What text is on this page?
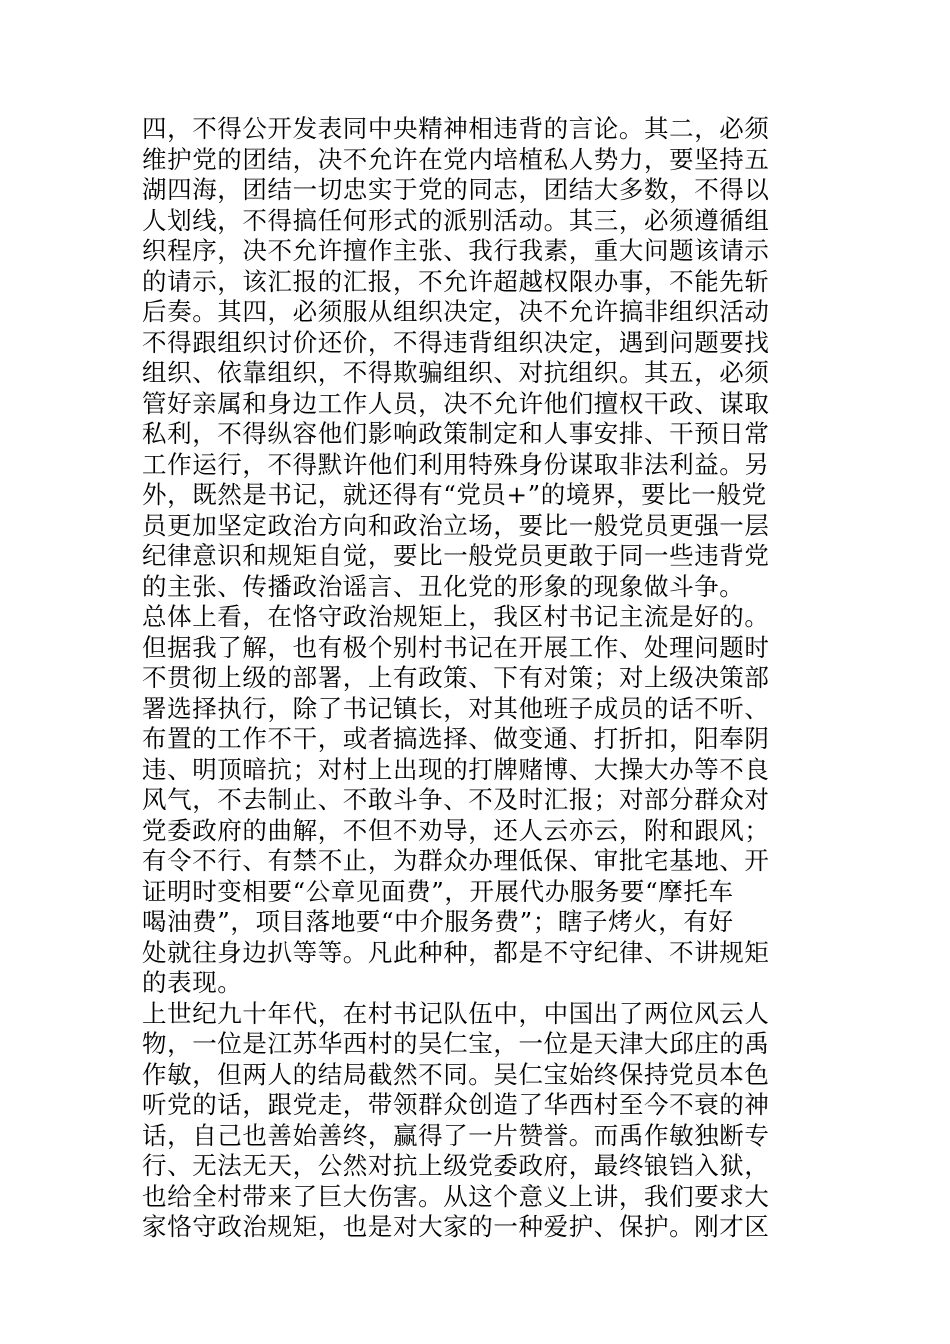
四，不得公开发表同中央精神相违背的言论。其二，必须
维护党的团结，决不允许在党内培植私人势力，要坚持五
湖四海，团结一切忠实于党的同志，团结大多数，不得以
人划线，不得搞任何形式的派别活动。其三，必须遵循组
织程序，决不允许擅作主张、我行我素，重大问题该请示
的请示，该汇报的汇报，不允许超越权限办事，不能先斩
后奏。其四，必须服从组织决定，决不允许搞非组织活动
不得跟组织讨价还价，不得违背组织决定，遇到问题要找
组织、依靠组织，不得欺骗组织、对抗组织。其五，必须
管好亲属和身边工作人员，决不允许他们擅权干政、谋取
私利，不得纵容他们影响政策制定和人事安排、干预日常
工作运行，不得默许他们利用特殊身份谋取非法利益。另
外，既然是书记，就还得有“党员+”的境界，要比一般党
员更加坚定政治方向和政治立场，要比一般党员更强一层
纪律意识和规矩自觉，要比一般党员更敢于同一些违背党
的主张、传播政治谣言、丑化党的形象的现象做斗争。
总体上看，在恪守政治规矩上，我区村书记主流是好的。
但据我了解，也有极个别村书记在开展工作、处理问题时
不贯彻上级的部署，上有政策、下有对策；对上级决策部
署选择执行，除了书记镇长，对其他班子成员的话不听、
布置的工作不干，或者搞选择、做变通、打折扣，阳奉阴
违、明顶暗抗；对村上出现的打牌赌博、大操大办等不良
风气，不去制止、不敢斗争、不及时汇报；对部分群众对
党委政府的曲解，不但不劝导，还人云亦云，附和跟风；
有令不行、有禁不止，为群众办理低保、审批宅基地、开
证明时变相要“公章见面费”，开展代办服务要“摩托车
喝油费”，项目落地要“中介服务费”；瞎子烤火，有好
处就往身边扒等等。凡此种种，都是不守纪律、不讲规矩
的表现。
上世纪九十年代，在村书记队伍中，中国出了两位风云人
物，一位是江苏华西村的吴仁宝，一位是天津大邱庄的禹
作敏，但两人的结局截然不同。吴仁宝始终保持党员本色
听党的话，跟党走，带领群众创造了华西村至今不衰的神
话，自己也善始善终，赢得了一片赞誉。而禹作敏独断专
行、无法无天，公然对抗上级党委政府，最终锒铛入狱，
也给全村带来了巨大伤害。从这个意义上讲，我们要求大
家恪守政治规矩，也是对大家的一种爱护、保护。刚才区
